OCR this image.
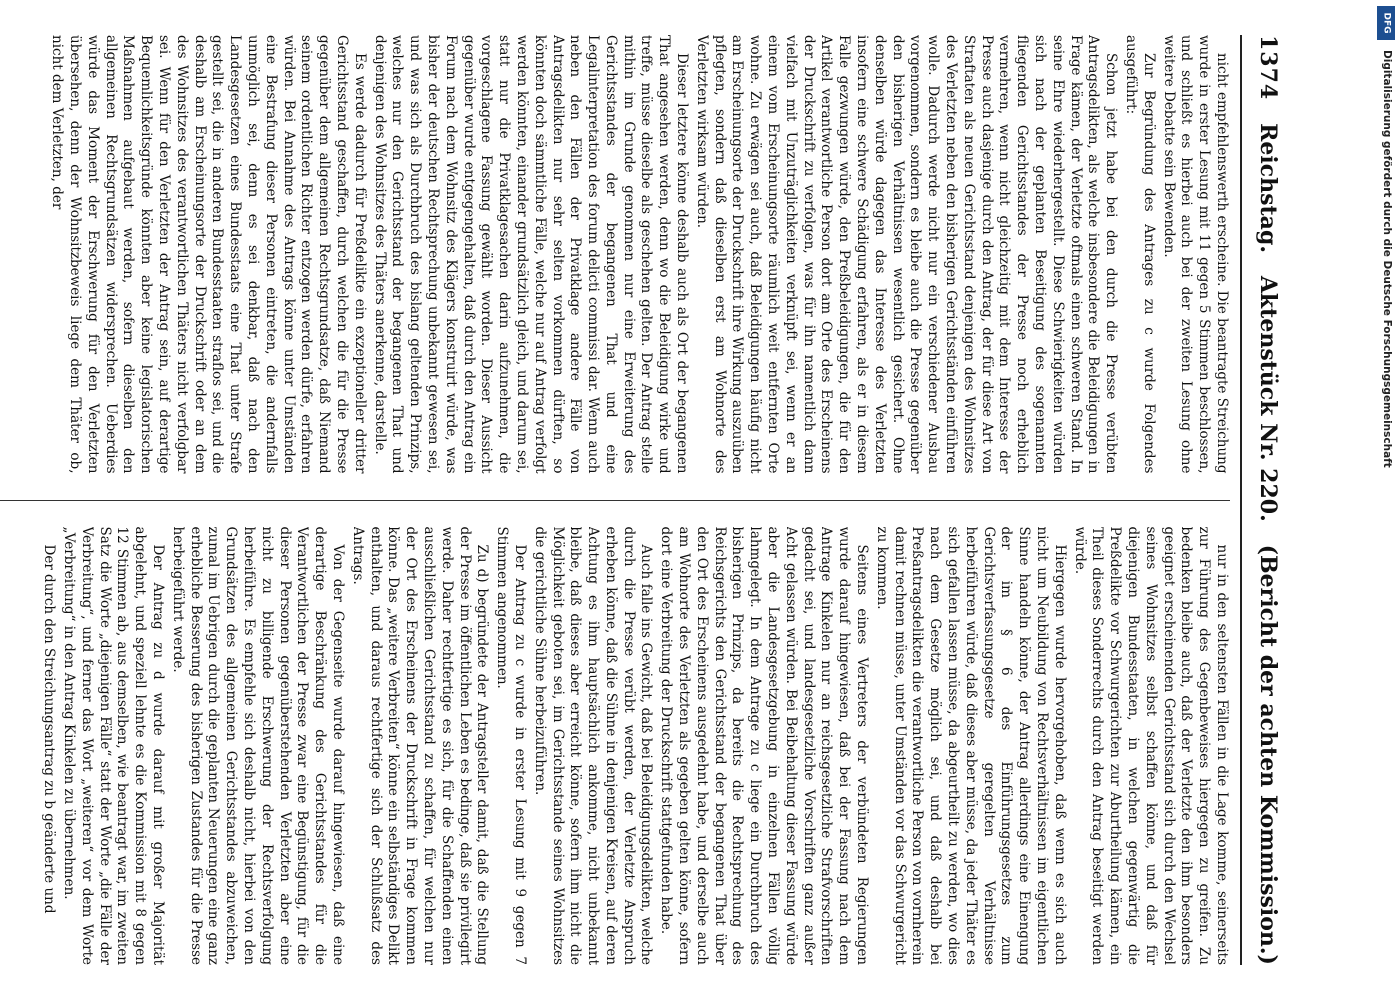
1374
Reichstag.
Aktenstück Nr. 220.
(Bericht der achten Kommission.)

nicht empfehlenswerth erscheine. Die beantragte Streichung wurde in erster Lesung mit 11 gegen 5 Stimmen beschlossen, und schließt es hierbei auch bei der zweiten Lesung ohne weitere Debatte sein Bewenden.

Zur Begründung des Antrages zu c wurde Folgendes ausgeführt:

Schon jetzt habe bei den durch die Presse verübten Antragsdelikten, als welche insbesondere die Beleidigungen in Frage kämen, der Verletzte oftmals einen schweren Stand. In seine Ehre wiederhergestellt. Diese Schwierigkeiten würden sich nach der geplanten Beseitigung des sogenannten fliegenden Gerichtsstandes der Presse noch erheblich vermehren, wenn nicht gleichzeitig mit dem Interesse der Presse auch dasjenige durch den Antrag, der für diese Art von Straftaten als neuen Gerichtsstand denjenigen des Wohnsitzes des Verletzten neben den bisherigen Gerichtsständen einführen wolle. Dadurch werde nicht nur ein verschiedener Ausbau vorgenommen, sondern es bleibe auch die Presse gegenüber den bisherigen Verhältnissen wesentlich gesichert. Ohne denselben würde dagegen das Interesse des Verletzten insofern eine schwere Schädigung erfahren, als er in diesem Falle gezwungen würde, den Preßbeleidigungen, die für den Artikel verantwortliche Person dort am Orte des Erscheinens der Druckschrift zu verfolgen, was für ihn namentlich dann vielfach mit Unzuträglichkeiten verknüpft sei, wenn er an einem vom Erscheinungsorte räumlich weit entfernten Orte wohne. Zu erwägen sei auch, daß Beleidigungen häufig nicht am Erscheinungsorte der Druckschrift ihre Wirkung auszuüben pflegten, sondern daß dieselben erst am Wohnorte des Verletzten wirksam würden.

Dieser letztere könne deshalb auch als Ort der begangenen That angesehen werden, denn wo die Beleidigung wirke und treffe, müsse dieselbe als geschehen gelten. Der Antrag stelle mithin im Grunde genommen nur eine Erweiterung des Gerichtsstandes der begangenen That und eine Legalinterpretation des forum delicti commissi dar. Wenn auch neben den Fällen der Privatklage andere Fälle von Antragsdelikten nur sehr selten vorkommen dürften, so könnten doch sämmtliche Fälle, welche nur auf Antrag verfolgt werden könnten, einander grundsätzlich gleich, und darum sei, statt nur die Privatklagesachen darin aufzunehmen, die vorgeschlagene Fassung gewählt worden. Dieser Aussicht gegenüber wurde entgegengehalten, daß durch den Antrag ein Forum nach dem Wohnsitz des Klägers konstruirt würde, was bisher der deutschen Rechtsprechung unbekannt gewesen sei, und was sich als Durchbruch des bislang geltenden Prinzips, welches nur den Gerichtsstand der begangenen That und denjenigen des Wohnsitzes des Thäters anerkenne, darstelle.

Es werde dadurch für Preßdelikte ein exzeptioneller dritter Gerichtsstand geschaffen, durch welchen die für die Presse gegenüber dem allgemeinen Rechtsgrundsatze, daß Niemand seinem ordentlichen Richter entzogen werden dürfe, erfahren würden. Bei Annahme des Antrags könne unter Umständen eine Bestrafung dieser Personen eintreten, die andernfalls unmöglich sei, denn es sei denkbar, daß nach den Landesgesetzen eines Bundesstaats eine That unter Strafe gestellt sei, die in anderen Bundesstaaten straflos sei, und die deshalb am Erscheinungsorte der Druckschrift oder an dem des Wohnsitzes des verantwortlichen Thäters nicht verfolgbar sei. Wenn für den Verletzten der Antrag sein, auf derartige Bequemlichkeitsgründe könnten aber keine legislatorischen Maßnahmen aufgebaut werden, sofern dieselben den allgemeinen Rechtsgrundsätzen widersprechen. Ueberdies würde das Moment der Erschwerung für den Verletzten übersehen, denn der Wohnsitzbeweis liege dem Thäter ob, nicht dem Verletzten, der

nur in den seltensten Fällen in die Lage komme, seinerseits zur Führung des Gegenbeweises hiergegen zu greifen. Zu bedenken bleibe auch, daß der Verletzte den ihm besonders geeignet erscheinenden Gerichtsstand sich durch den Wechsel seines Wohnsitzes selbst schaffen könne, und daß für diejenigen Bundesstaaten, in welchen gegenwärtig die Preßdelikte vor Schwurgerichten zur Aburtheilung kämen, ein Theil dieses Sonderrechts durch den Antrag beseitigt werden würde.

Hiergegen wurde hervorgehoben, daß wenn es sich auch nicht um Neubildung von Rechtsverhältnissen im eigentlichen Sinne handeln könne, der Antrag allerdings eine Einengung der im § 6 des Einführungsgesetzes zum Gerichtsverfassungsgesetze geregelten Verhältnisse herbeiführen würde, daß dieses aber müsse, da jeder Thäter es sich gefallen lassen müsse, da abgeurtheilt zu werden, wo dies nach dem Gesetze möglich sei, und daß deshalb bei Preßantragsdelikten die verantwortliche Person von vornherein damit rechnen müsse, unter Umständen vor das Schwurgericht zu kommen.

Seitens eines Vertreters der verbündeten Regierungen wurde darauf hingewiesen, daß bei der Fassung nach dem Antrage Kinkelen nur an reichsgesetzliche Strafvorschriften gedacht sei, und landesgesetzliche Vorschriften ganz außer Acht gelassen würden. Bei Beibehaltung dieser Fassung würde aber die Landesgesetzgebung in einzelnen Fällen völlig lahmgelegt. In dem Antrage zu c liege ein Durchbruch des bisherigen Prinzips, da bereits die Rechtsprechung des Reichsgerichts den Gerichtsstand der begangenen That über den Ort des Erscheinens ausgedehnt habe, und derselbe auch am Wohnorte des Verletzten als gegeben gelten könne, sofern dort eine Verbreitung der Druckschrift stattgefunden habe.

Auch falle ins Gewicht, daß bei Beleidigungsdelikten, welche durch die Presse verübt werden, der Verletzte Anspruch erheben könne, daß die Sühne in denjenigen Kreisen, auf deren Achtung es ihm hauptsächlich ankomme, nicht unbekannt bleibe, daß dieses aber erreicht könne, sofern ihm nicht die Möglichkeit geboten sei, im Gerichtsstande seines Wohnsitzes die gerichtliche Sühne herbeizuführen.

Der Antrag zu c wurde in erster Lesung mit 9 gegen 7 Stimmen angenommen.

Zu d) begründete der Antragsteller damit, daß die Stellung der Presse im öffentlichen Leben es bedinge, daß sie privilegirt werde. Daher rechtfertige es sich, für die Schaffenden einen ausschließlichen Gerichtsstand zu schaffen, für welchen nur der Ort des Erscheinens der Druckschrift in Frage kommen könne. Das „weitere Verbreiten“ könne ein selbständiges Delikt enthalten, und daraus rechtfertige sich der Schlußsatz des Antrags.

Von der Gegenseite wurde darauf hingewiesen, daß eine derartige Beschränkung des Gerichtsstandes für die Verantwortlichen der Presse zwar eine Begünstigung, für die dieser Personen gegenüberstehenden Verletzten aber eine nicht zu billigende Erschwerung der Rechtsverfolgung herbeiführe. Es empfehle sich deshalb nicht, hierbei von den Grundsätzen des allgemeinen Gerichtsstandes abzuweichen, zumal im Uebrigen durch die geplanten Neuerungen eine ganz erhebliche Besserung des bisherigen Zustandes für die Presse herbeigeführt werde.

Der Antrag zu d wurde darauf mit großer Majorität abgelehnt, und speziell lehnte es die Kommission mit 8 gegen 12 Stimmen ab, aus demselben, wie beantragt war, im zweiten Satz die Worte „diejenigen Fälle“ statt der Worte „die Fälle der Verbreitung“, und ferner das Wort „weiteren“ vor dem Worte „Verbreitung“ in den Antrag Kinkelen zu übernehmen.

Der durch den Streichungsantrag zu b geänderte und

DFG
Digitalisierung gefördert durch die Deutsche Forschungsgemeinschaft
